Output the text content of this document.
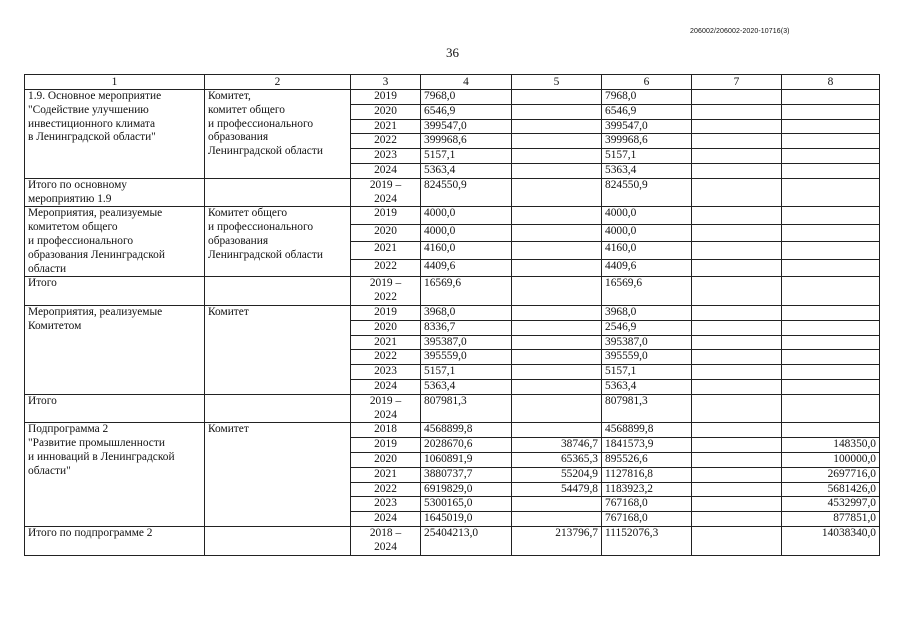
206002/206002-2020-10716(3)
36
1	2	3	4	5	6	7	8
1.9. Основное мероприятие
"Содействие улучшению
инвестиционного климата
в Ленинградской области"	Комитет,
комитет общего
и профессионального
образования
Ленинградской области	2019	7968,0		7968,0		
		2020	6546,9		6546,9		
		2021	399547,0		399547,0		
		2022	399968,6		399968,6		
		2023	5157,1		5157,1		
		2024	5363,4		5363,4		
Итого по основному
мероприятию 1.9		2019 –
2024	824550,9		824550,9		
Мероприятия, реализуемые
комитетом общего
и профессионального
образования Ленинградской
области	Комитет общего
и профессионального
образования
Ленинградской области	2019	4000,0		4000,0		
		2020	4000,0		4000,0		
		2021	4160,0		4160,0		
		2022	4409,6		4409,6		
Итого		2019 –
2022	16569,6		16569,6		
Мероприятия, реализуемые
Комитетом	Комитет	2019	3968,0		3968,0		
		2020	8336,7		2546,9		
		2021	395387,0		395387,0		
		2022	395559,0		395559,0		
		2023	5157,1		5157,1		
		2024	5363,4		5363,4		
Итого		2019 –
2024	807981,3		807981,3		
Подпрограмма 2
"Развитие промышленности
и инноваций в Ленинградской
области"	Комитет	2018	4568899,8		4568899,8		
		2019	2028670,6	38746,7	1841573,9		148350,0
		2020	1060891,9	65365,3	895526,6		100000,0
		2021	3880737,7	55204,9	1127816,8		2697716,0
		2022	6919829,0	54479,8	1183923,2		5681426,0
		2023	5300165,0		767168,0		4532997,0
		2024	1645019,0		767168,0		877851,0
Итого по подпрограмме 2		2018 –
2024	25404213,0	213796,7	11152076,3		14038340,0
